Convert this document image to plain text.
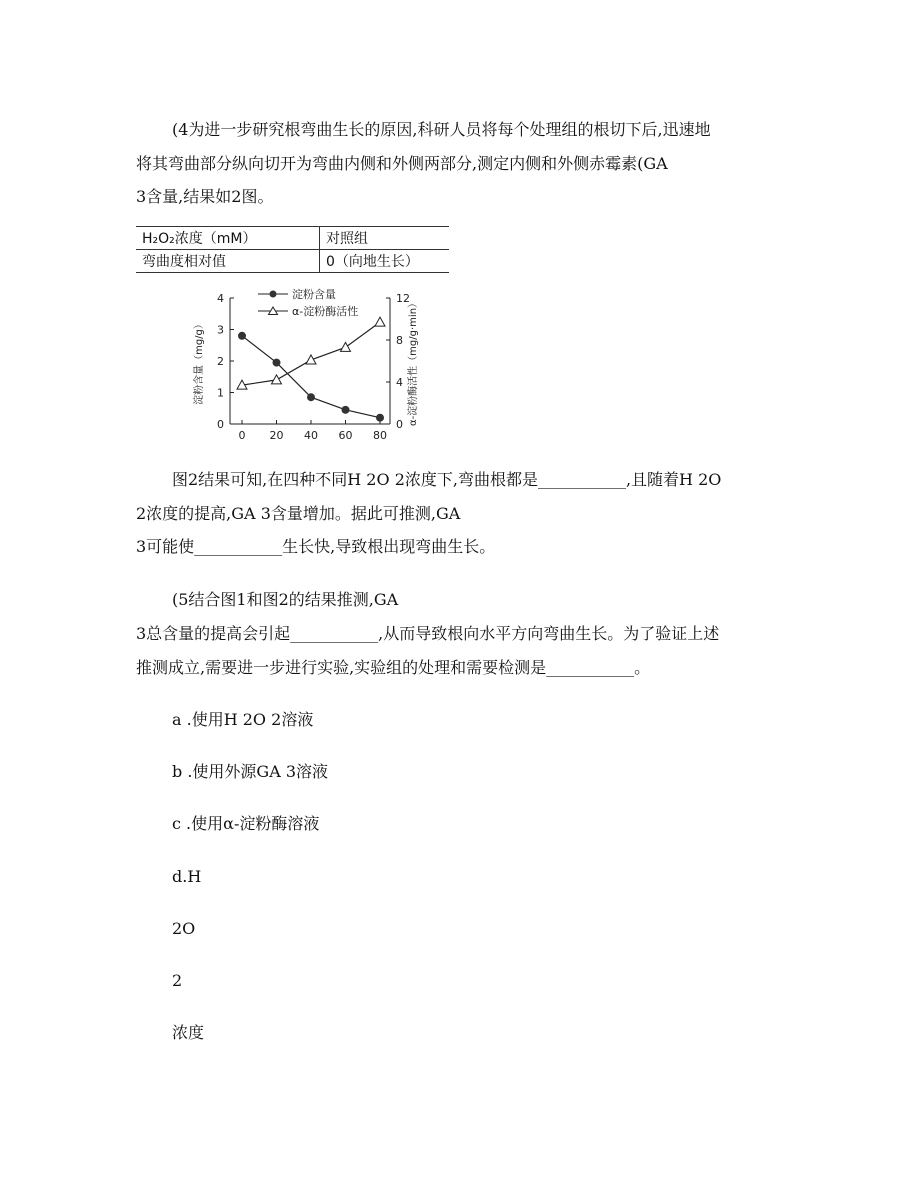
(4为进一步研究根弯曲生长的原因,科研人员将每个处理组的根切下后,迅速地
将其弯曲部分纵向切开为弯曲内侧和外侧两部分,测定内侧和外侧赤霉素(GA
3含量,结果如2图。
H₂O₂浓度（mM）	对照组
弯曲度相对值	0（向地生长）
0
1
2
3
4
0
4
8
12
0 20 40 60 80
淀粉含量
α-淀粉酶活性
淀粉含量（mg/g）	α-淀粉酶活性（mg/g·min）
图2结果可知,在四种不同H 2O 2浓度下,弯曲根都是___________,且随着H 2O
2浓度的提高,GA 3含量增加。据此可推测,GA
3可能使___________生长快,导致根出现弯曲生长。
(5结合图1和图2的结果推测,GA
3总含量的提高会引起___________,从而导致根向水平方向弯曲生长。为了验证上述
推测成立,需要进一步进行实验,实验组的处理和需要检测是___________。
a .使用H 2O 2溶液
b .使用外源GA 3溶液
c .使用α-淀粉酶溶液
d.H
2O
2
浓度
